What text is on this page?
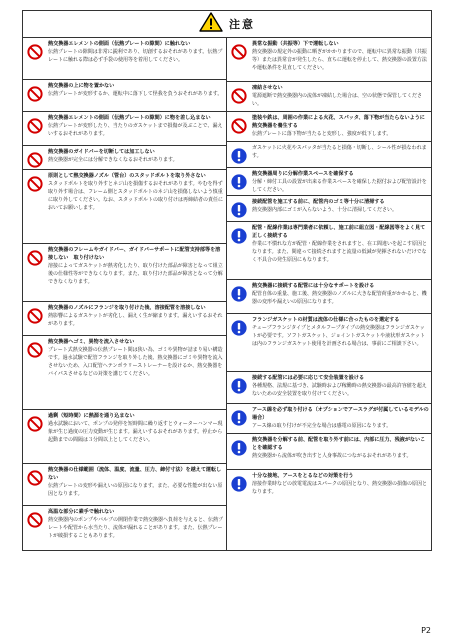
注意
熱交換器エレメントの側面（伝熱プレートの隙間）に触れない
伝熱プレートの隙間は非常に鋭利であり、切創するおそれがあります。伝熱プレートに触れる際は必ず手袋の使用等を着用してください。
熱交換器の上に物を置かない
伝熱プレートが変形するか、運転中に落下して怪我を負うおそれがあります。
熱交換器エレメントの側面（伝熱プレートの隙間）に物を差し込まない
伝熱プレートが変形したり、当たりのガスケットまで損傷が及ぶことで、漏えいするおそれがあります。
熱交換器のガイドバーを切断しては加工しない
熱交換器が完全には分解できなくなるおそれがあります。
原則として熱交換器ノズル（管台）のスタッドボルトを取り外さない
スタッドボルトを取り外すとネジ山を損傷するおそれがあります。やむを得ず取り外す場合は、フレーム側とスタッドボルトのネジ山を損傷しないよう慎重に取り外してください。なお、スタッドボルトの取り付けは再締結者の責任においてお願いします。
熱交換器のフレームやガイドバー、ガイドバーサポートに配管支持部等を溶接しない　取り付けない
溶接によってガスケットが熱劣化したり、取り付けた部品が障害となって組立後の仕様性等ができなくなります。また、取り付けた部品が障害となって分解できなくなります。
熱交換器のノズルにフランジを取り付けた後、溶接配管を溶接しない
熱影響によるガスケットが劣化し、漏えく生が縮まります。漏えいするおそれがあります。
熱交換器へゴミ、異物を流入させない
プレート式熱交換器の伝熱プレート間は狭い為、ゴミや異物が詰まり易い構造です。過水試験で配管フランジを取り外した後、熱交換器にゴミや異物を流入させないため、入口配管へテンポラリーストレーナーを設けるか、熱交換器をバイパスさせるなどの対策を講じてください。
過剰（短時間）に熱源を通り込まない
過水試験において、ポンプの発停を短時間に繰り返すとウォーターハンマー現象が生じ過度の圧力変動が生じます。漏えいするおそれがあります。停止から起動までの間隔は３分間以上としてください。
熱交換器の仕様範囲（流体、温度、流量、圧力、締付寸法）を越えて運転しない
伝熱プレートの変形や漏えいの原因になります。また、必要な性能が出ない原因となります。
高温な部分に素手で触れない
熱交換器内のポンプやバルブの開閉作業で熱交換器へ負荷を与えると、伝熱プレートや配管から水当たり、流体が漏れることがあります。また、伝熱プレートが破損することもあります。
異常な振動（共振等）下で運転しない
熱交換器の規定外の振動に晒ぎがかかりますので、運転中に異常な振動（共振等）または異常音が発生したら、直ちに運転を停止して、熱交換器の設置方法や運転条件を見直してください。
凍結させない
電源遮断で熱交換器内の流体が凍結した場合は、空の状態で保管してください。
塗装や鉄は、周囲の作業による火花、スパッタ、落下物が当たらないように熱交換器を養生する
伝熱プレートに落下物が当たると変形し、強度が低下します。
ガスケットに火花やスパッタが当たると損傷・切断し、シール性が損なわれます。
熱交換器周りに分解作業スペースを確保する
分解・締付工具の設置が出来る作業スペースを確保した据付および配管設計をしてください。
接続配管を施工する前に、配管内のゴミ等十分に清掃する
熱交換器内部にゴミが入らないよう、十分に清掃してください。
配管・配線作業は専門業者に依頼し、施工前に組立図・配線図等をよく見て正しく接続する
作業に不慣れな方が配管・配線作業をされますと、在工間違いを起こす原因となります。また、間違って接続されますと流量の低減が発揮されないだけでなく不具合の発生原因にもなります。
熱交換器に接続する配管には十分なサポートを設ける
配管自体の重量、施工後、熱交換器のノズルに大きな配管荷重がかかると、機器の変形や漏えいの原因になります。
フランジガスケットの材質は流体の仕様に合ったものを選定する
チューブフランジタイプとメタルフープタイプの熱交換器はフランジガスケットが必要です。ソフトガスケット、ジョイントガスケットや液状形ガスケットは内のフランジガスケット使用を計画される場合は、事前にご相談下さい。
接続する配管には必要に応じて安全装置を設ける
各種規格、法規に基づき、試験時および稼働時の熱交換器の最高許容値を超えないための安全装置を取り付けてください。
アース線を必ず取り付ける（オプションでアースラグが付属しているモデルの場合）
アース線の取り付けが不完全な場合は感電の原因になります。
熱交換器を分解する前、配管を取り外す前には、内部に圧力、残液がないことを確認する
熱交換器から流体が吹き出すと人身事故につながるおそれがあります。
十分な接地、アースをとるなどの対策を行う
溶接作業時などの放電電流はスパークの原因となり、熱交換器の損傷の原因となります。
P2
